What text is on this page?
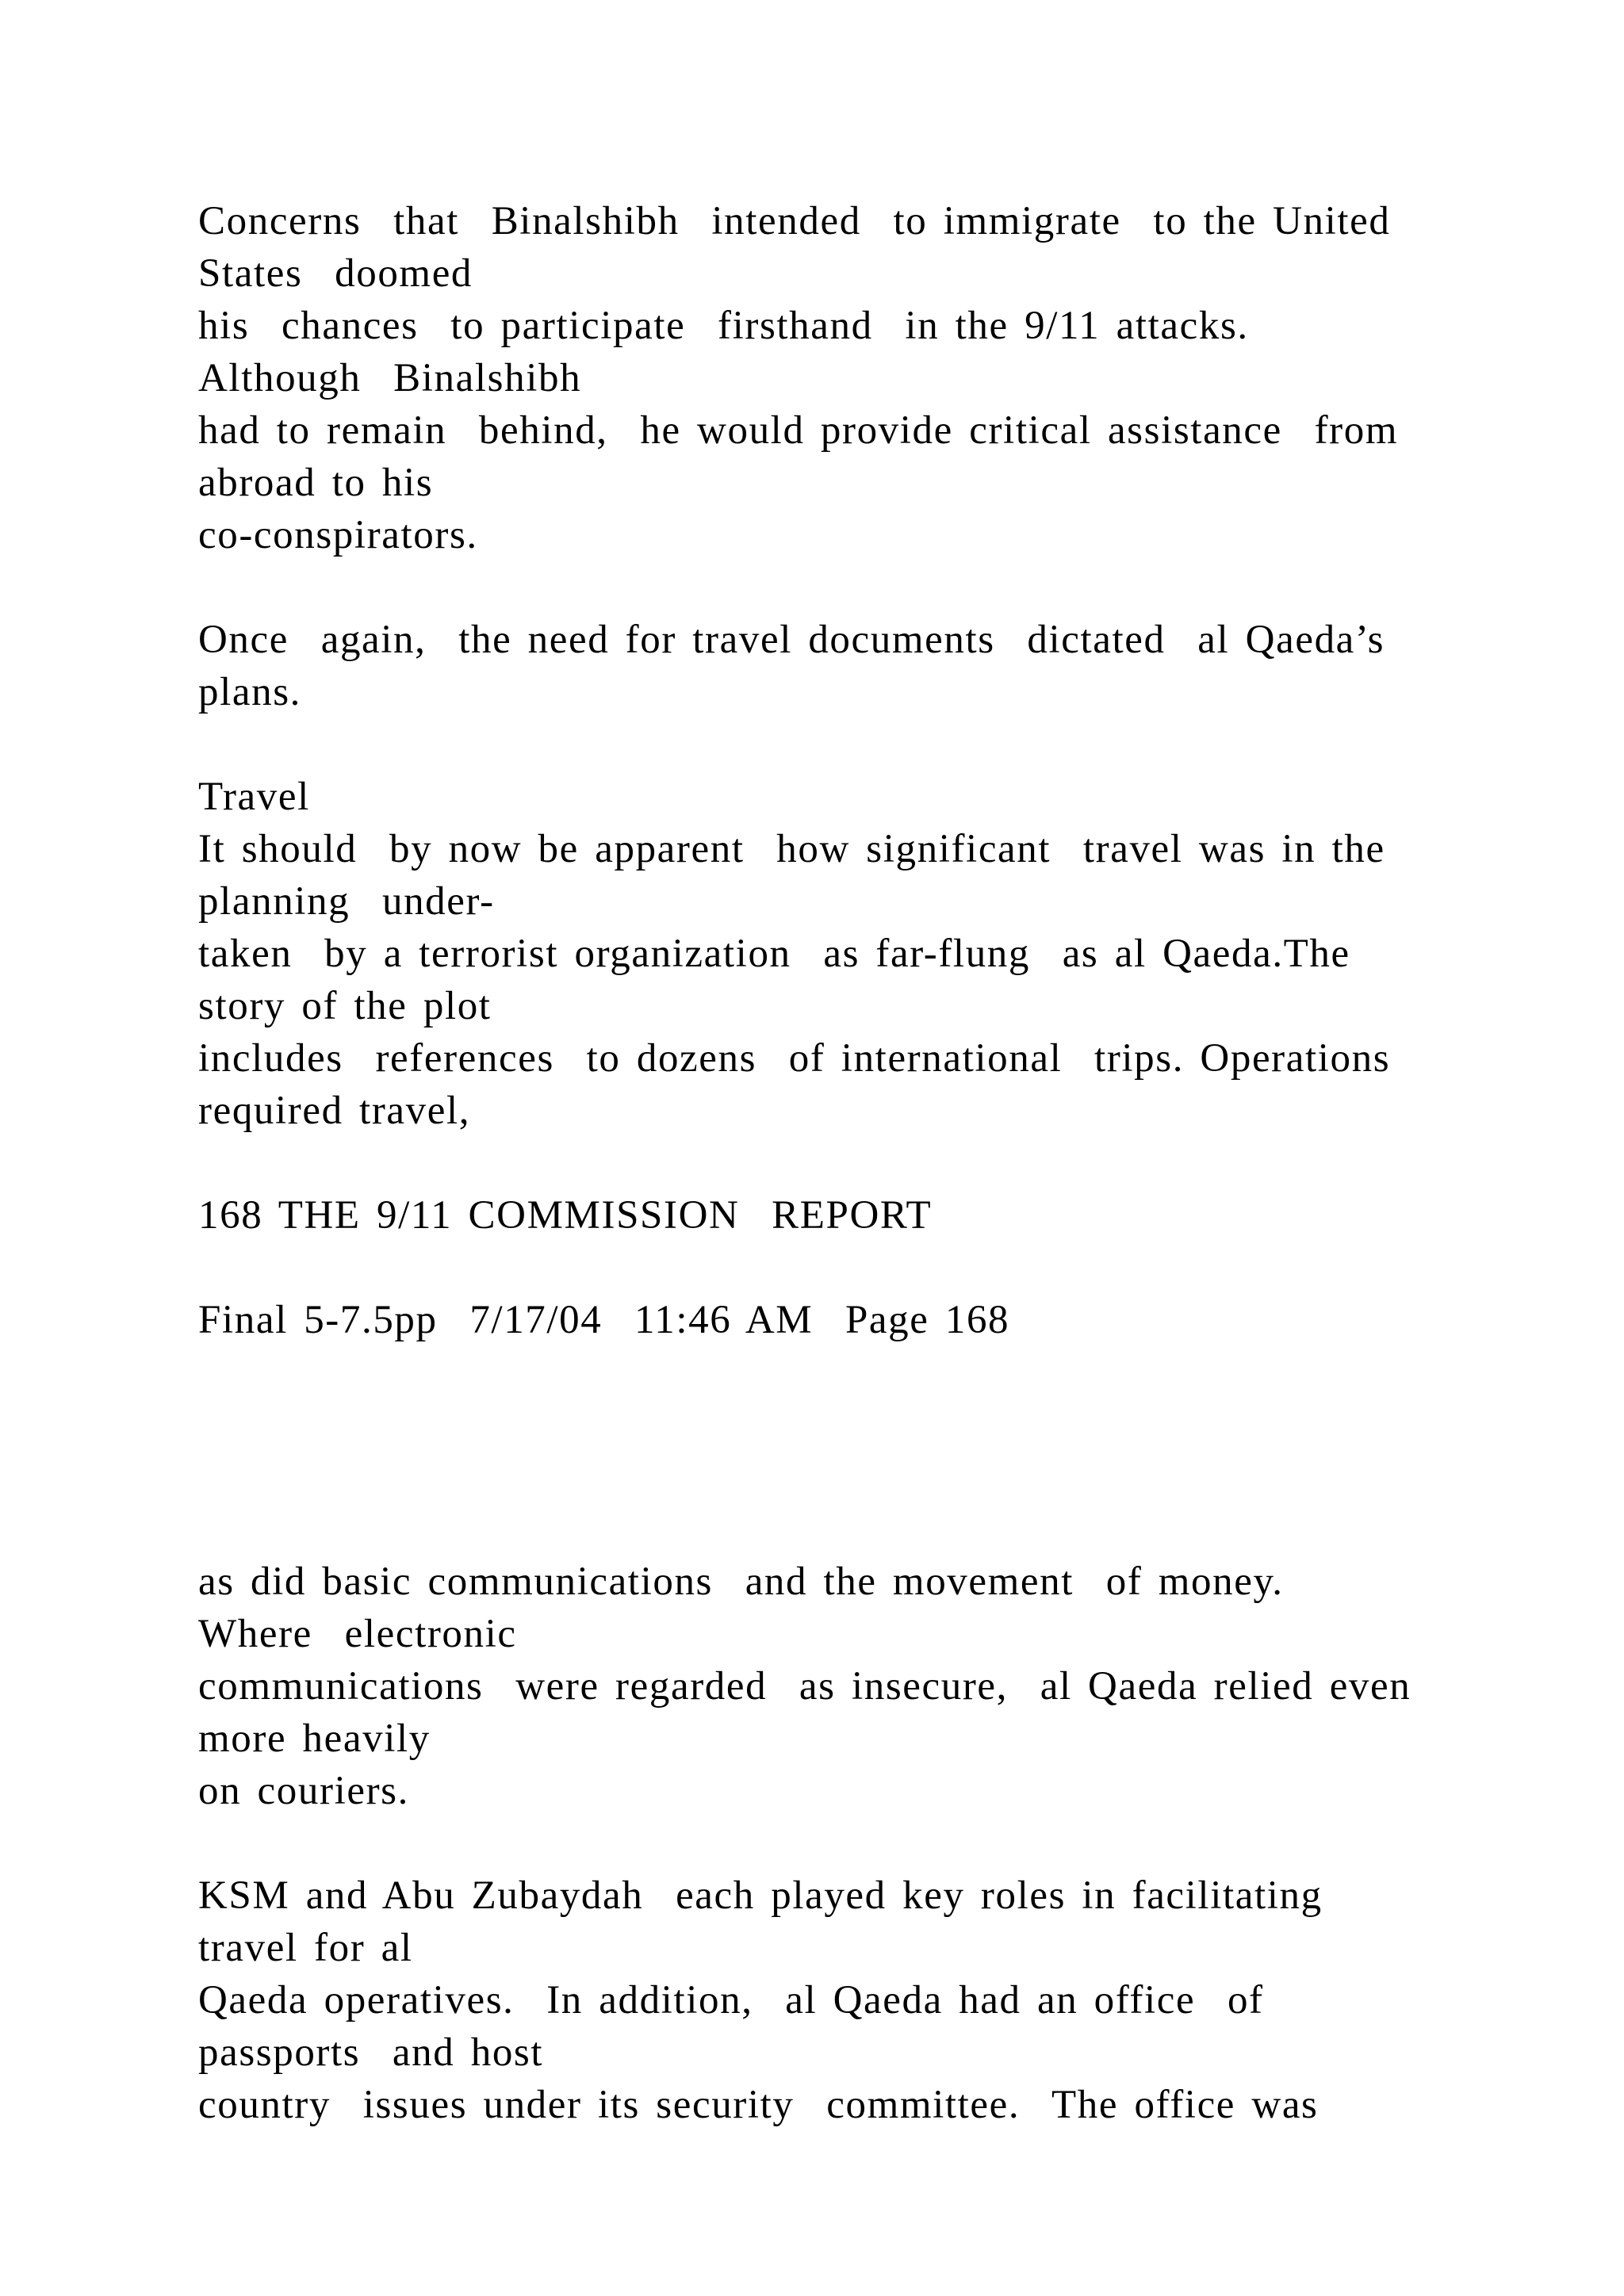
Concerns  that  Binalshibh  intended  to immigrate  to the United
States  doomed
his  chances  to participate  firsthand  in the 9/11 attacks.
Although  Binalshibh
had to remain  behind,  he would provide critical assistance  from
abroad to his
co-conspirators.
Once  again,  the need for travel documents  dictated  al Qaeda’s
plans.
Travel
It should  by now be apparent  how significant  travel was in the
planning  under-
taken  by a terrorist organization  as far-flung  as al Qaeda.The
story of the plot
includes  references  to dozens  of international  trips. Operations
required travel,
168 THE 9/11 COMMISSION  REPORT
Final 5-7.5pp  7/17/04  11:46 AM  Page 168
as did basic communications  and the movement  of money.
Where  electronic
communications  were regarded  as insecure,  al Qaeda relied even
more heavily
on couriers.
KSM and Abu Zubaydah  each played key roles in facilitating
travel for al
Qaeda operatives.  In addition,  al Qaeda had an office  of
passports  and host
country  issues under its security  committee.  The office was
